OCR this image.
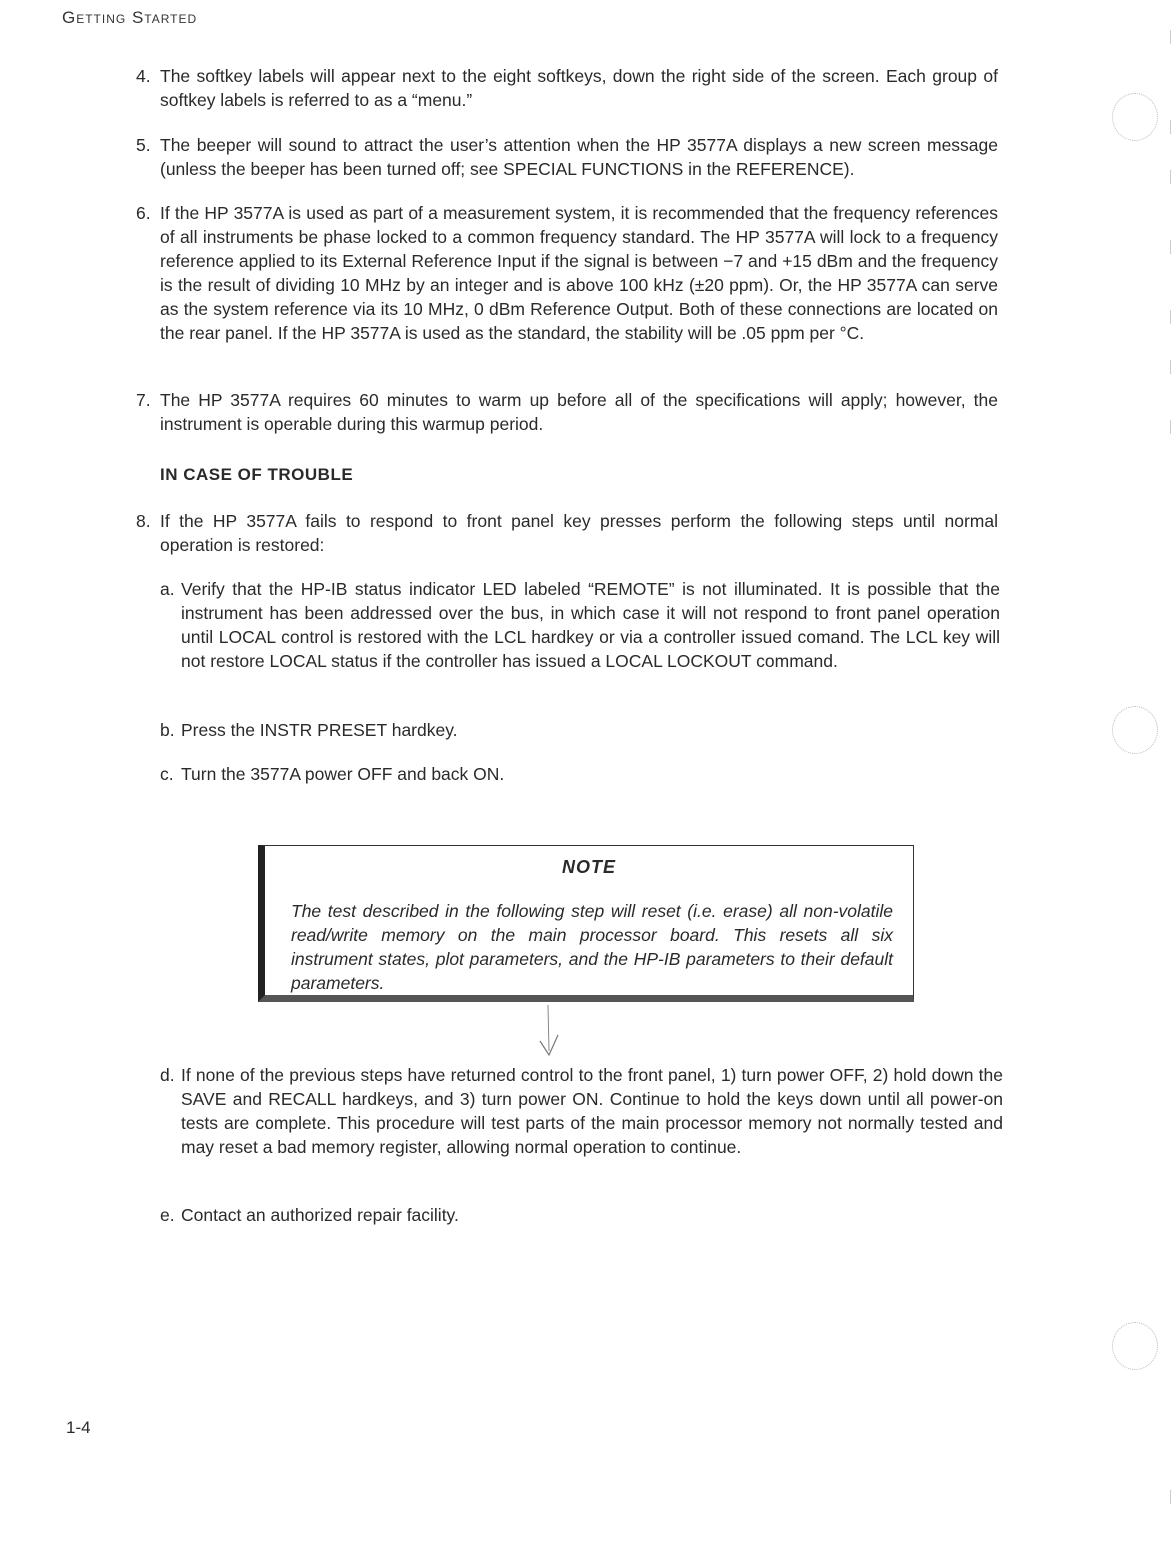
Getting Started
4. The softkey labels will appear next to the eight softkeys, down the right side of the screen. Each group of softkey labels is referred to as a “menu.”
5. The beeper will sound to attract the user’s attention when the HP 3577A displays a new screen message (unless the beeper has been turned off; see SPECIAL FUNCTIONS in the REFERENCE).
6. If the HP 3577A is used as part of a measurement system, it is recommended that the frequency references of all instruments be phase locked to a common frequency standard. The HP 3577A will lock to a frequency reference applied to its External Reference Input if the signal is between −7 and +15 dBm and the frequency is the result of dividing 10 MHz by an integer and is above 100 kHz (±20 ppm). Or, the HP 3577A can serve as the system reference via its 10 MHz, 0 dBm Reference Output. Both of these connections are located on the rear panel. If the HP 3577A is used as the standard, the stability will be .05 ppm per °C.
7. The HP 3577A requires 60 minutes to warm up before all of the specifications will apply; however, the instrument is operable during this warmup period.
IN CASE OF TROUBLE
8. If the HP 3577A fails to respond to front panel key presses perform the following steps until normal operation is restored:
a. Verify that the HP-IB status indicator LED labeled “REMOTE” is not illuminated. It is possible that the instrument has been addressed over the bus, in which case it will not respond to front panel operation until LOCAL control is restored with the LCL hardkey or via a controller issued comand. The LCL key will not restore LOCAL status if the controller has issued a LOCAL LOCKOUT command.
b. Press the INSTR PRESET hardkey.
c. Turn the 3577A power OFF and back ON.
NOTE
The test described in the following step will reset (i.e. erase) all non-volatile read/write memory on the main processor board. This resets all six instrument states, plot parameters, and the HP-IB parameters to their default parameters.
d. If none of the previous steps have returned control to the front panel, 1) turn power OFF, 2) hold down the SAVE and RECALL hardkeys, and 3) turn power ON. Continue to hold the keys down until all power-on tests are complete. This procedure will test parts of the main processor memory not normally tested and may reset a bad memory register, allowing normal operation to continue.
e. Contact an authorized repair facility.
1-4
